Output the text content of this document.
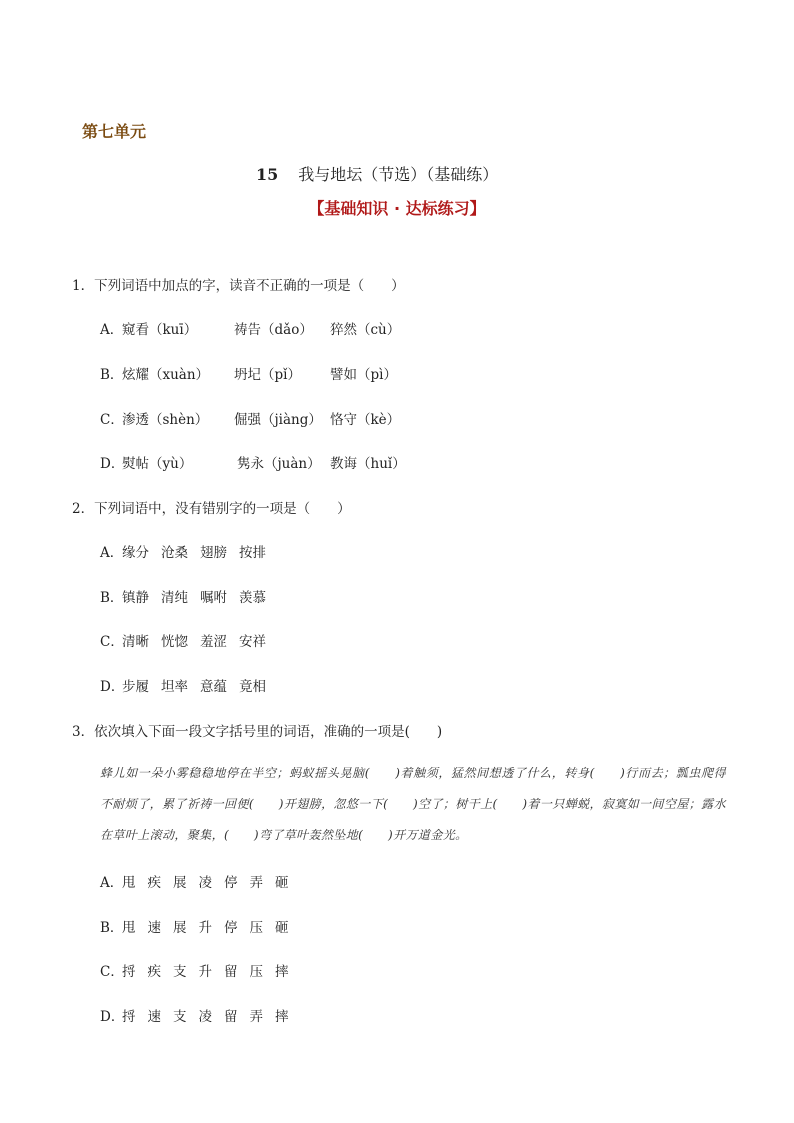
第七单元
15 我与地坛（节选）（基础练）
【基础知识 · 达标练习】
1．下列词语中加点的字，读音不正确的一项是（　　）
A．窥看（kuī）	祷告（dǎo） 猝然（cù）
B．炫耀（xuàn） 坍圮（pǐ） 譬如（pì）
C．渗透（shèn） 倔强（jiàng） 恪守（kè）
D．熨帖（yù）	隽永（juàn） 教诲（huǐ）
2．下列词语中，没有错别字的一项是（　　）
A．缘分 沧桑 翅膀 按排
B．镇静 清纯 嘱咐 羡慕
C．清晰 恍惚 羞涩 安祥
D．步履 坦率 意蕴 竟相
3．依次填入下面一段文字括号里的词语，准确的一项是(　　)
蜂儿如一朵小雾稳稳地停在半空；蚂蚁摇头晃脑(　　)着触须，猛然间想透了什么，转身(　　)行而去；瓢虫爬得不耐烦了，累了祈祷一回便(　　)开翅膀，忽悠一下(　　)空了；树干上(　　)着一只蝉蜕，寂寞如一间空屋；露水在草叶上滚动，聚集，(　　)弯了草叶轰然坠地(　　)开万道金光。
A．甩 疾 展 凌 停 弄 砸
B．甩 速 展 升 停 压 砸
C．捋 疾 支 升 留 压 摔
D．捋 速 支 凌 留 弄 摔
